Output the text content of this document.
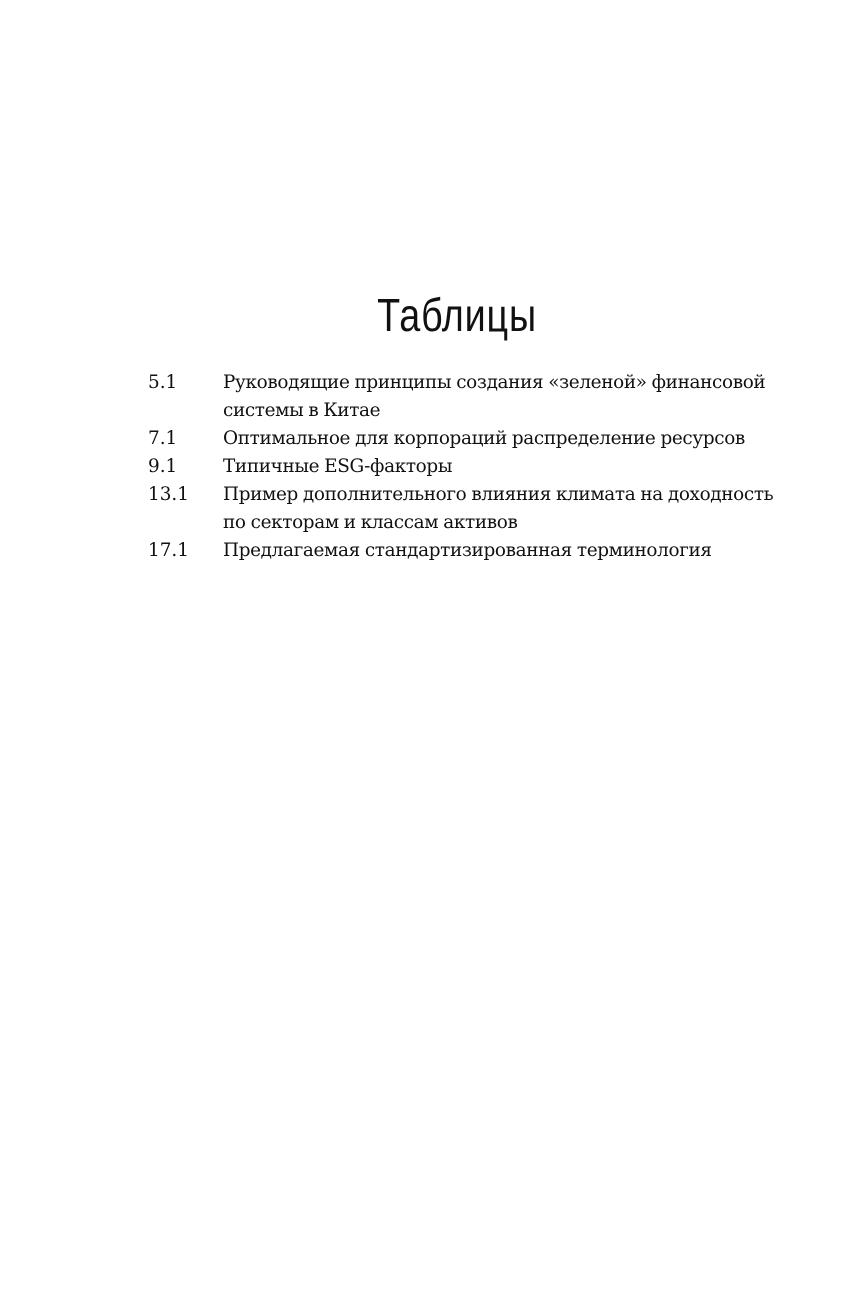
Таблицы
5.1	Руководящие принципы создания «зеленой» финансовой системы в Китае
7.1	Оптимальное для корпораций распределение ресурсов
9.1	Типичные ESG-факторы
13.1	Пример дополнительного влияния климата на доходность по секторам и классам активов
17.1	Предлагаемая стандартизированная терминология
